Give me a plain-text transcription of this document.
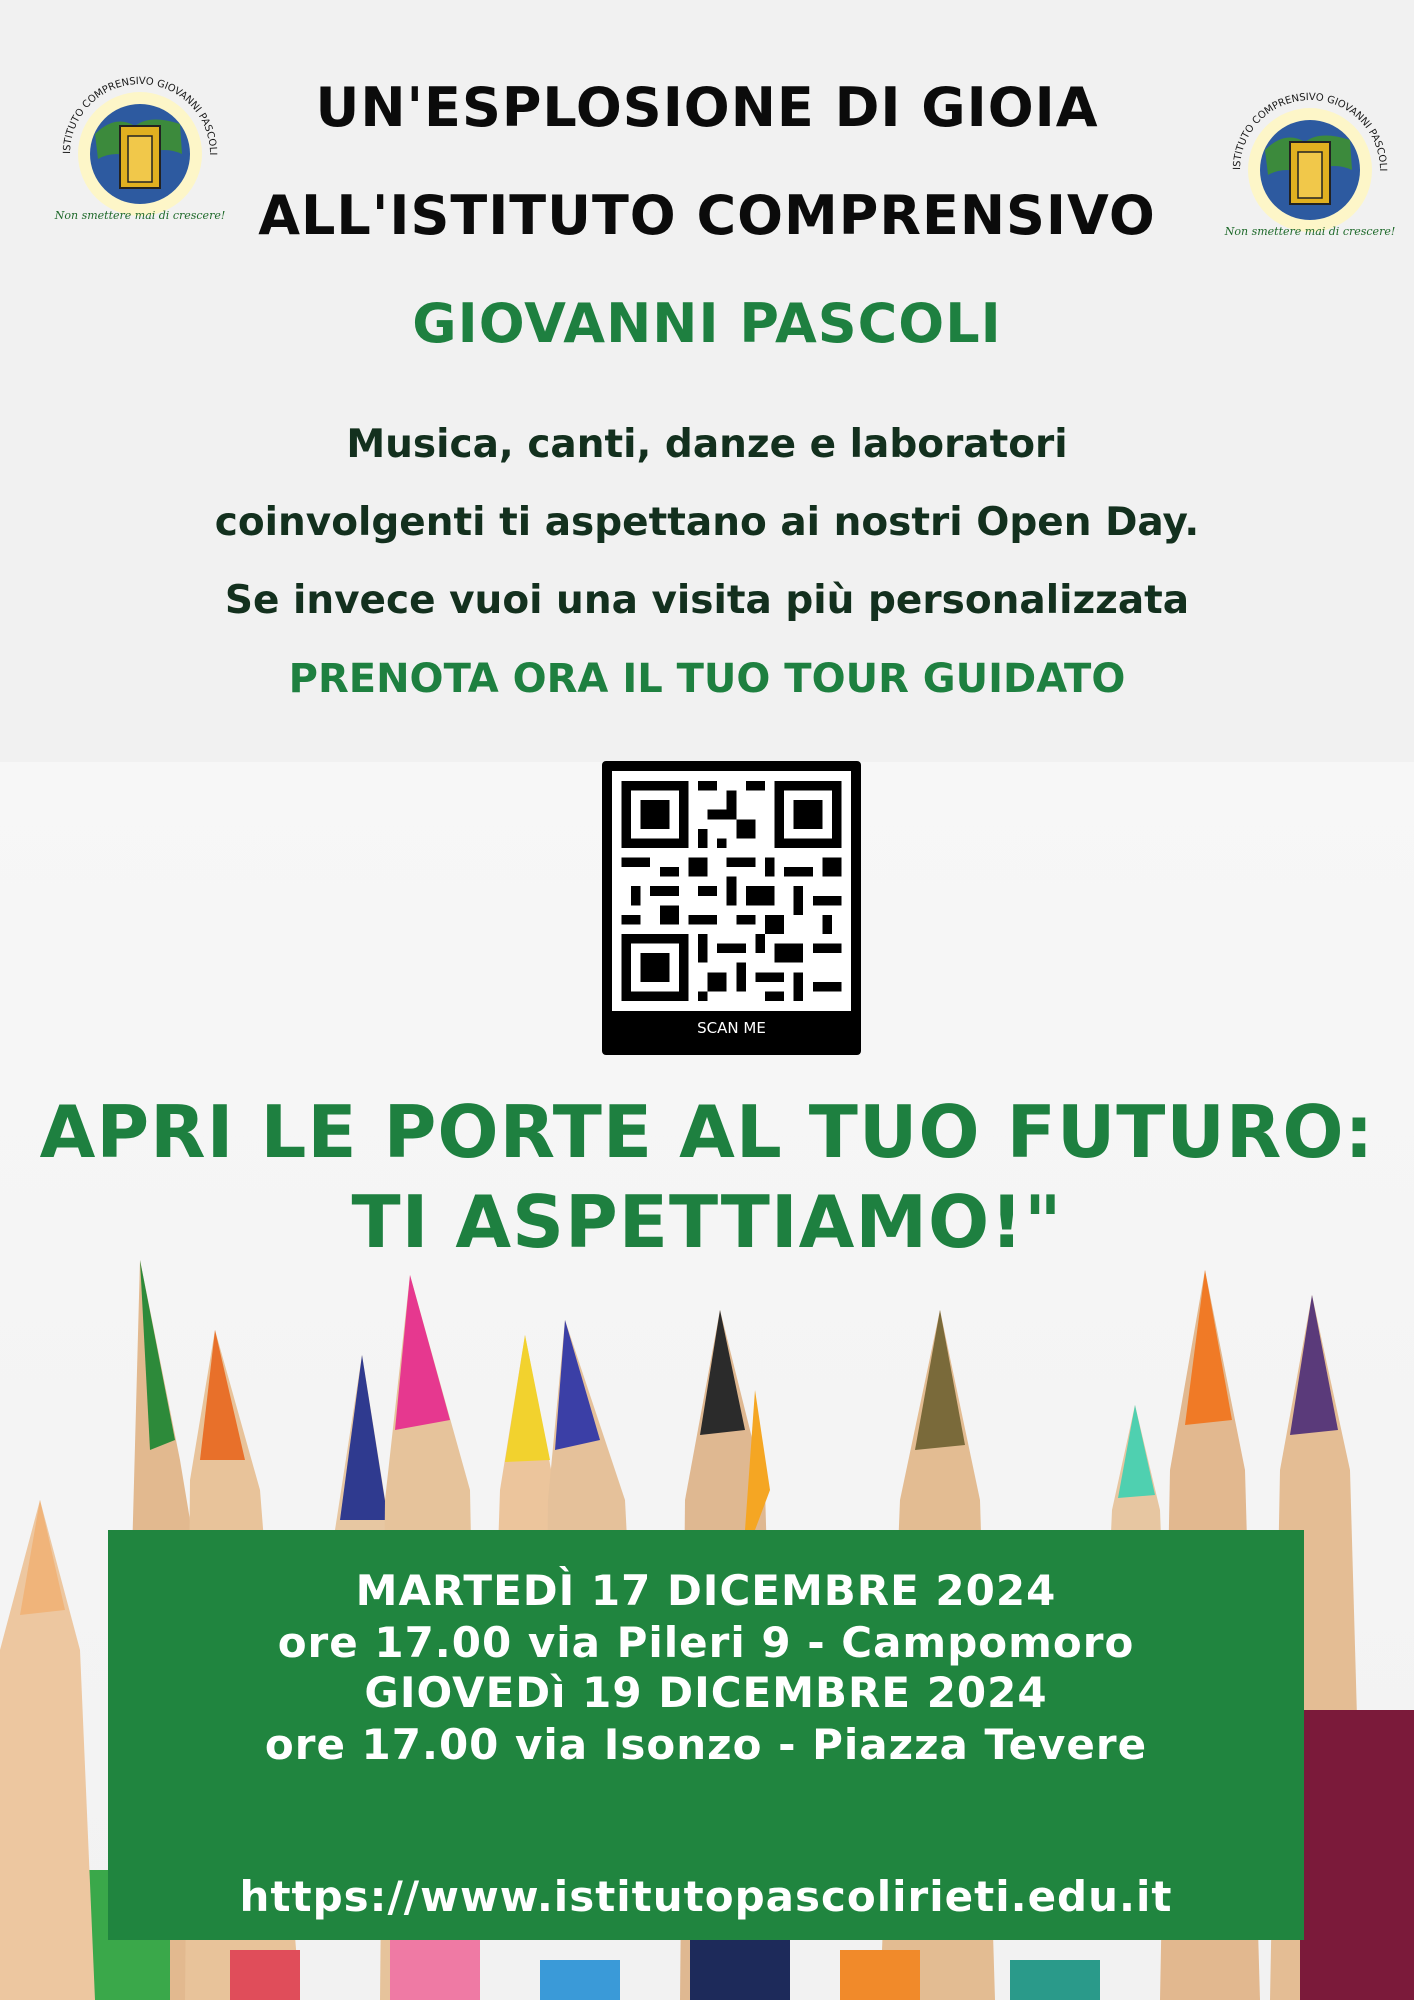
ISTITUTO COMPRENSIVO GIOVANNI PASCOLI
Non smettere mai di crescere!
ISTITUTO COMPRENSIVO GIOVANNI PASCOLI
Non smettere mai di crescere!
UN'ESPLOSIONE DI GIOIA
ALL'ISTITUTO COMPRENSIVO
GIOVANNI PASCOLI
Musica, canti, danze e laboratori
coinvolgenti ti aspettano ai nostri Open Day.
Se invece vuoi una visita più personalizzata
PRENOTA ORA IL TUO TOUR GUIDATO
SCAN ME
APRI LE PORTE AL TUO FUTURO:
TI ASPETTIAMO!"
MARTEDÌ 17 DICEMBRE 2024
ore 17.00 via Pileri 9 - Campomoro
GIOVEDì 19 DICEMBRE 2024
ore 17.00 via Isonzo - Piazza Tevere
https://www.istitutopascolirieti.edu.it
